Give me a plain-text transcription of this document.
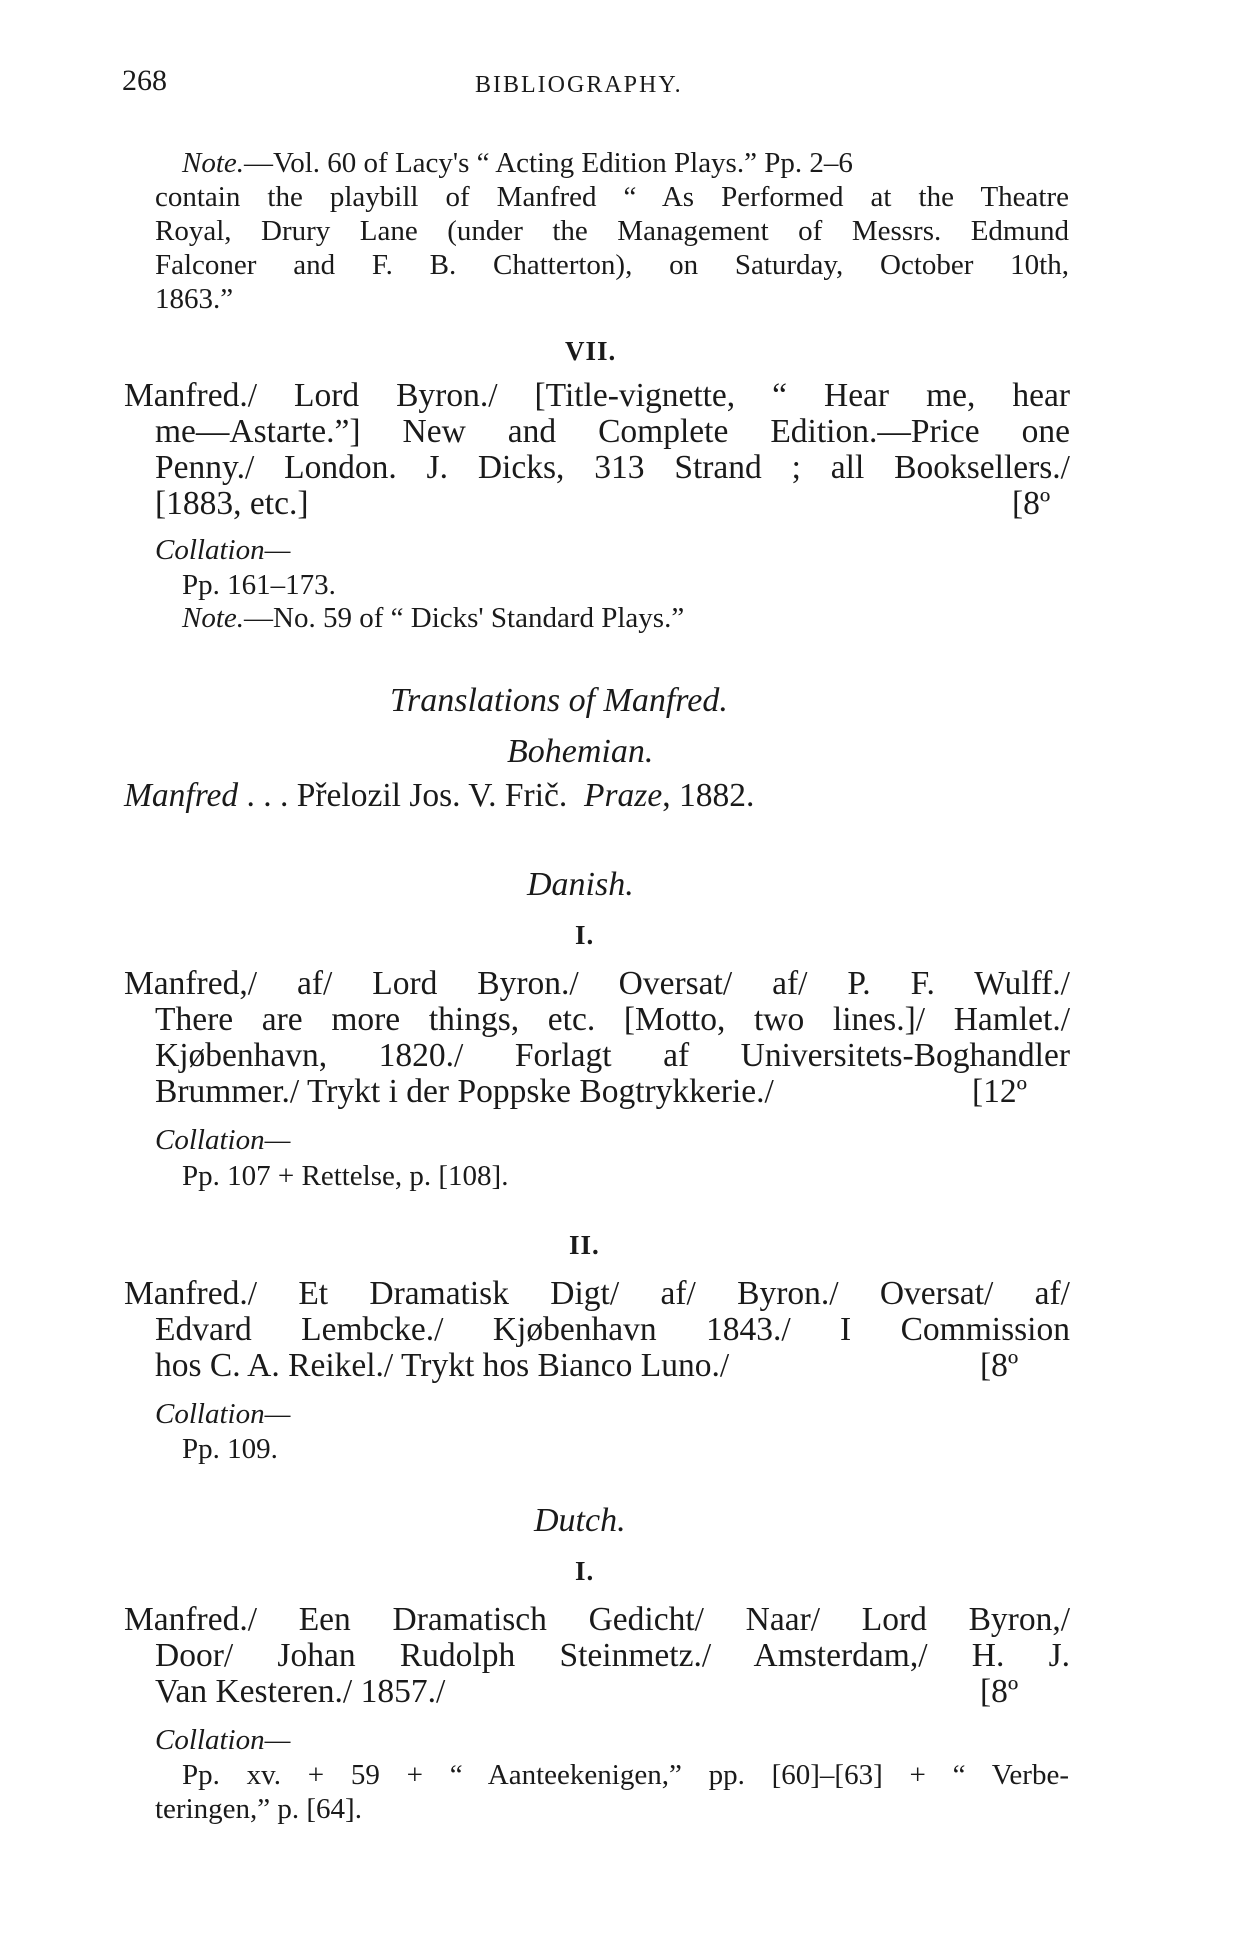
268	BIBLIOGRAPHY.
Note.—Vol. 60 of Lacy's “ Acting Edition Plays.” Pp. 2–6
contain the playbill of Manfred “ As Performed at the Theatre
Royal, Drury Lane (under the Management of Messrs. Edmund
Falconer and F. B. Chatterton), on Saturday, October 10th,
1863.”
VII.
Manfred./ Lord Byron./ [Title-vignette, “ Hear me, hear
me—Astarte.”] New and Complete Edition.—Price one
Penny./ London. J. Dicks, 313 Strand ; all Booksellers./
[1883, etc.]	[8º
Collation—
Pp. 161–173.
Note.—No. 59 of “ Dicks' Standard Plays.”
Translations of Manfred.
Bohemian.
Manfred . . . Přelozil Jos. V. Frič. Praze, 1882.
Danish.
I.
Manfred,/ af/ Lord Byron./ Oversat/ af/ P. F. Wulff./
There are more things, etc. [Motto, two lines.]/ Hamlet./
Kjøbenhavn, 1820./ Forlagt af Universitets-Boghandler
Brummer./ Trykt i der Poppske Bogtrykkerie./	[12º
Collation—
Pp. 107 + Rettelse, p. [108].
II.
Manfred./ Et Dramatisk Digt/ af/ Byron./ Oversat/ af/
Edvard Lembcke./ Kjøbenhavn 1843./ I Commission
hos C. A. Reikel./ Trykt hos Bianco Luno./	[8º
Collation—
Pp. 109.
Dutch.
I.
Manfred./ Een Dramatisch Gedicht/ Naar/ Lord Byron,/
Door/ Johan Rudolph Steinmetz./ Amsterdam,/ H. J.
Van Kesteren./ 1857./	[8º
Collation—
Pp. xv. + 59 + “ Aanteekenigen,” pp. [60]–[63] + “ Verbe-
teringen,” p. [64].
